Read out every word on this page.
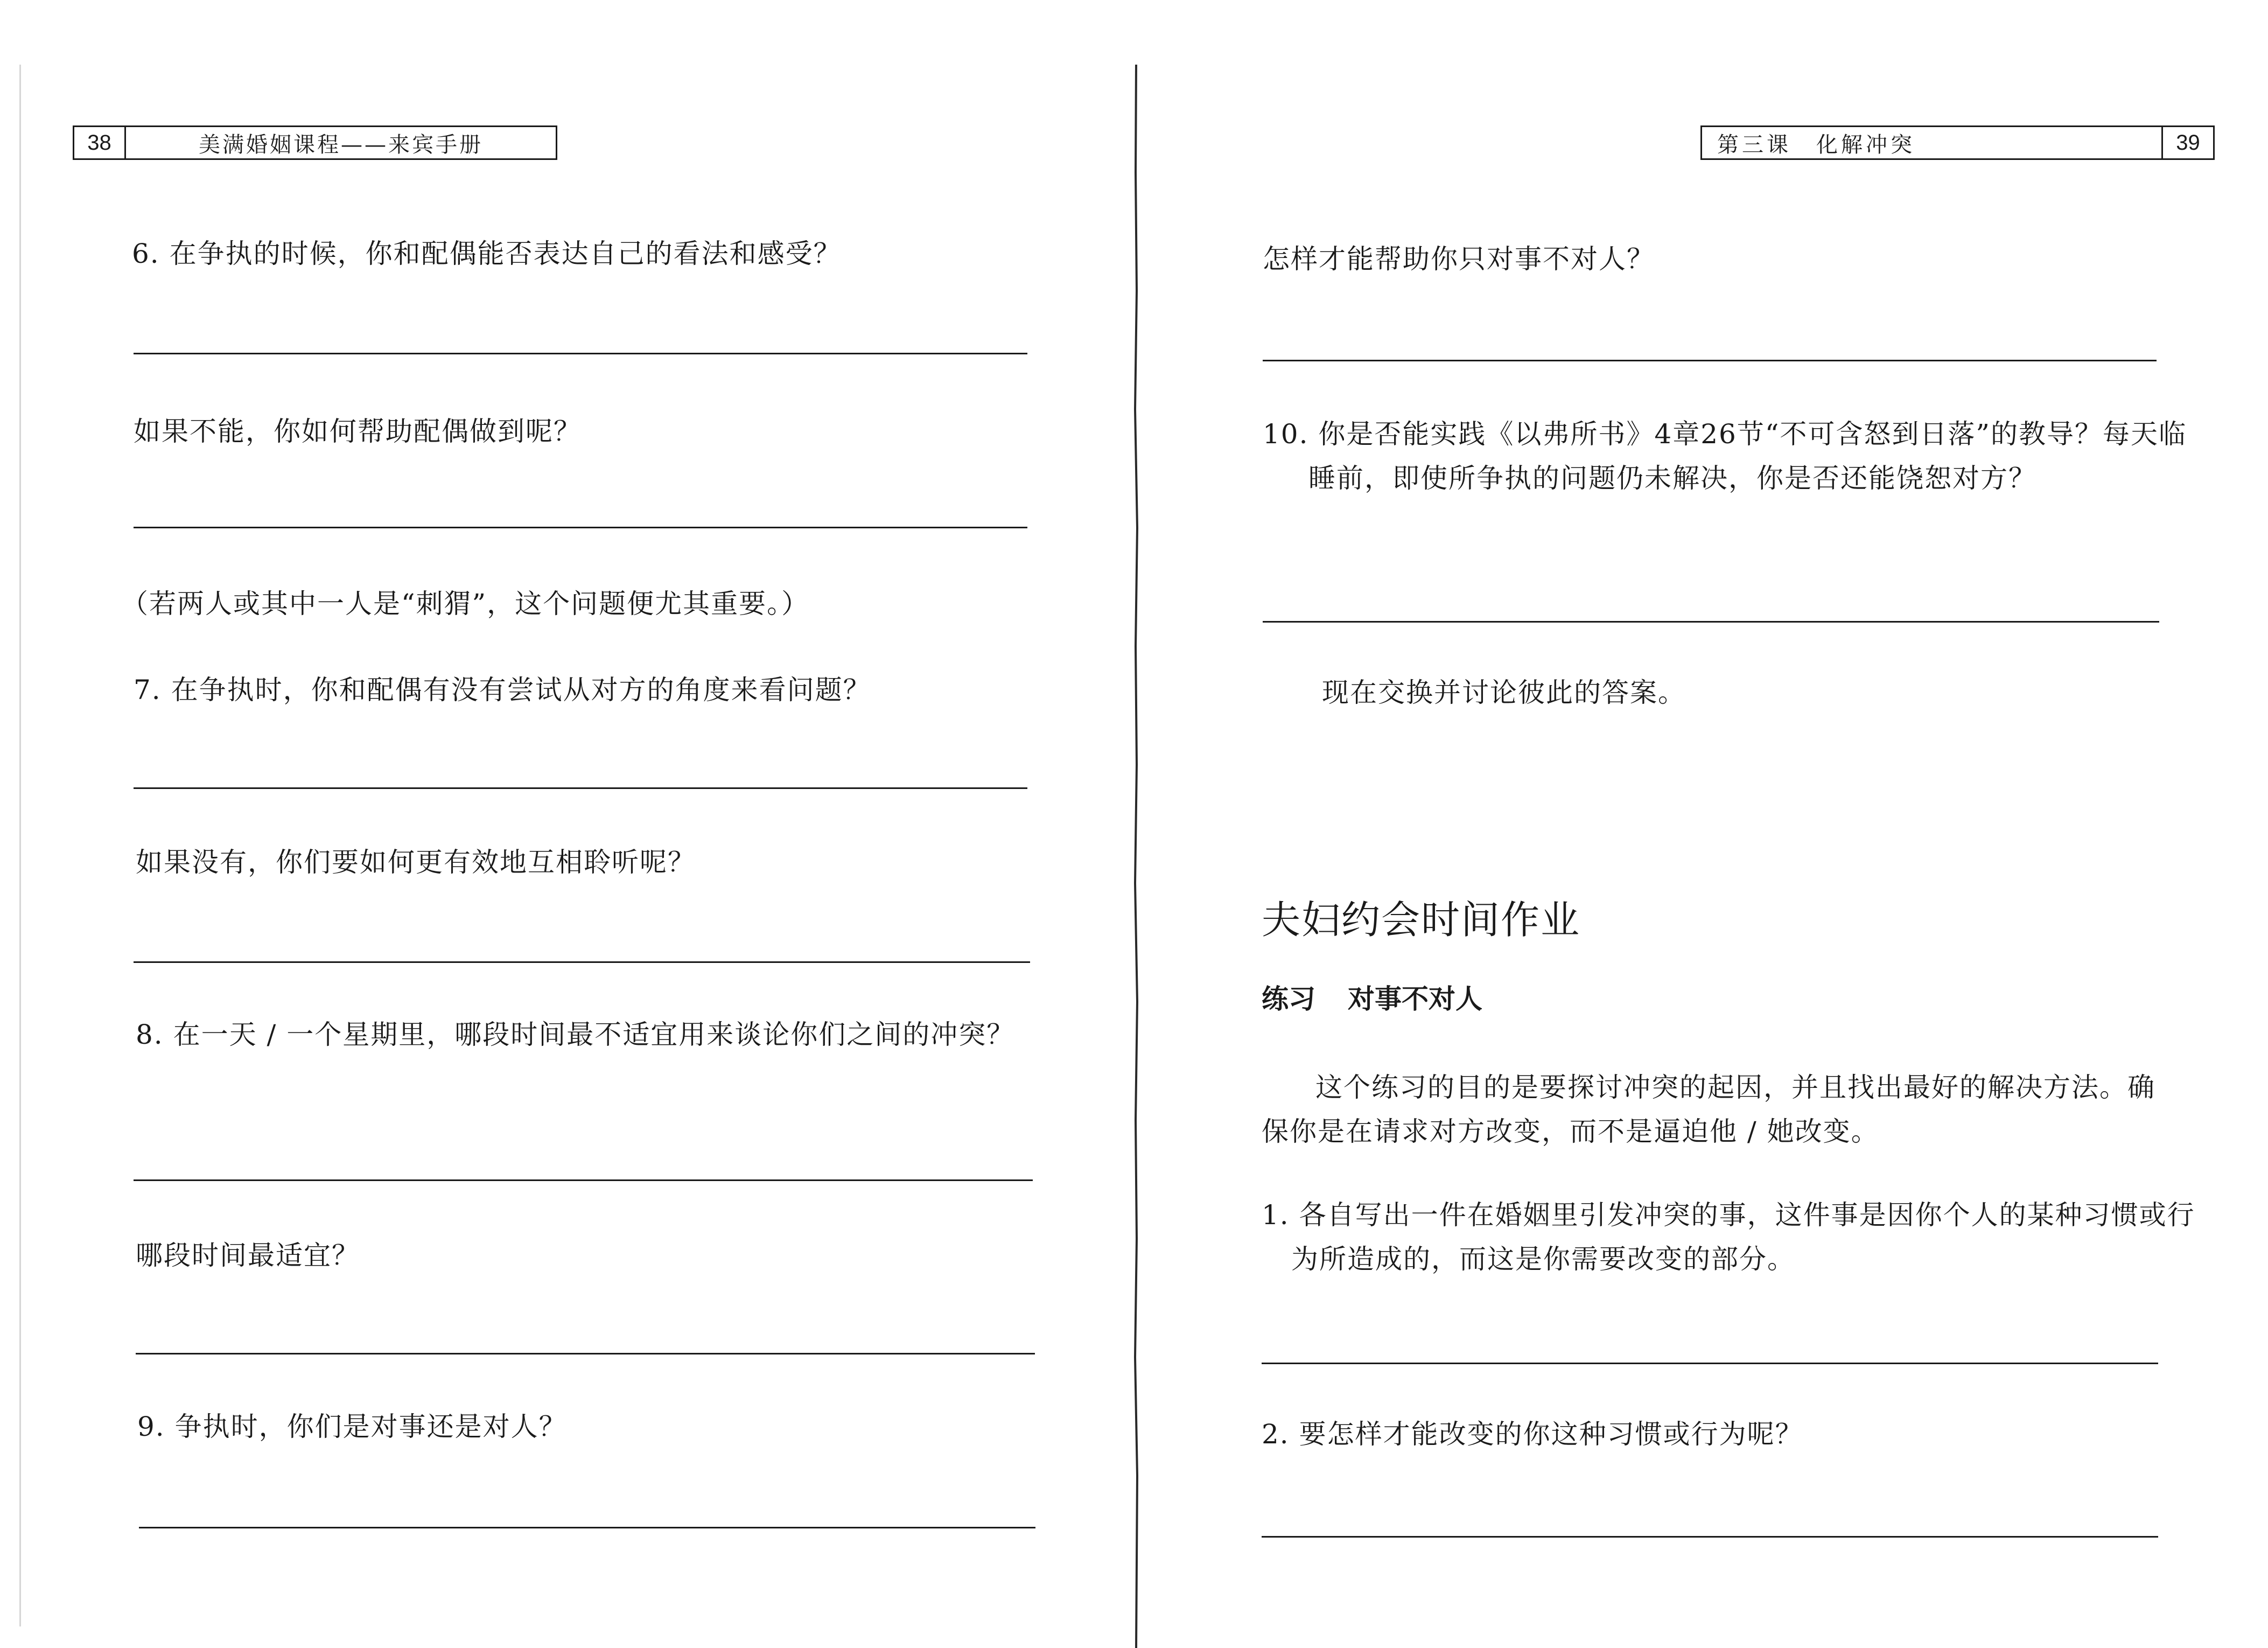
38	美满婚姻课程——来宾手册
6. 在争执的时候，你和配偶能否表达自己的看法和感受？
如果不能，你如何帮助配偶做到呢？
（若两人或其中一人是“刺猬”，这个问题便尤其重要。）
7. 在争执时，你和配偶有没有尝试从对方的角度来看问题？
如果没有，你们要如何更有效地互相聆听呢？
8. 在一天 / 一个星期里，哪段时间最不适宜用来谈论你们之间的冲突？
哪段时间最适宜？
9. 争执时，你们是对事还是对人？
第三课　化解冲突	39
怎样才能帮助你只对事不对人？
10. 你是否能实践《以弗所书》4章26节“不可含怒到日落”的教导？每天临睡前，即使所争执的问题仍未解决，你是否还能饶恕对方？
现在交换并讨论彼此的答案。
夫妇约会时间作业
练习 对事不对人
这个练习的目的是要探讨冲突的起因，并且找出最好的解决方法。确保你是在请求对方改变，而不是逼迫他 / 她改变。
1. 各自写出一件在婚姻里引发冲突的事，这件事是因你个人的某种习惯或行为所造成的，而这是你需要改变的部分。
2. 要怎样才能改变的你这种习惯或行为呢？
